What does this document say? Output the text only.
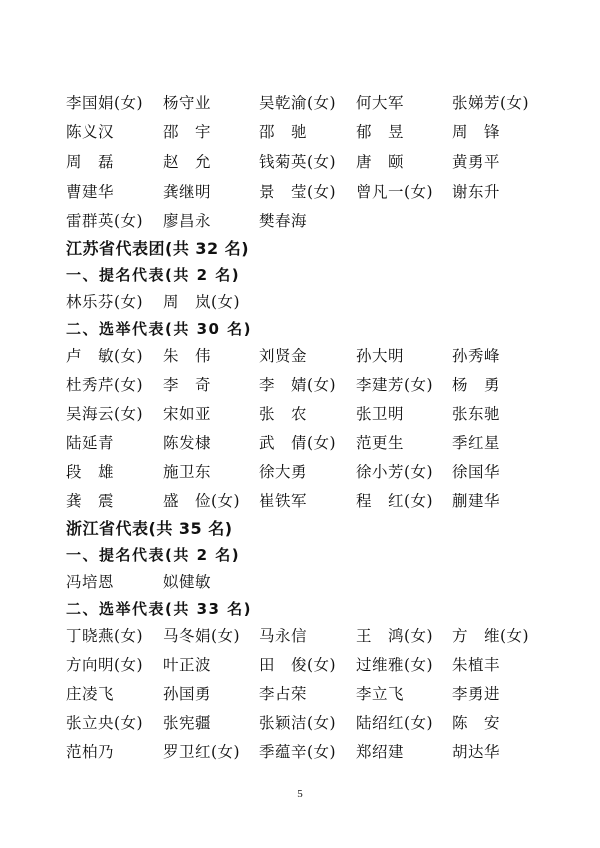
李国娟(女) 杨守业	吴乾渝(女) 何大军	张娣芳(女)
陈义汉	邵　宇	邵　驰	郁　昱	周　锋
周　磊	赵　允	钱菊英(女) 唐　颐	黄勇平
曹建华	龚继明	景　莹(女) 曾凡一(女) 谢东升
雷群英(女) 廖昌永	樊春海
江苏省代表团(共 32 名)
一、提名代表(共 2 名)
林乐芬(女) 周　岚(女)
二、选举代表(共 30 名)
卢　敏(女) 朱　伟	刘贤金	孙大明	孙秀峰
杜秀芹(女) 李　奇	李　婧(女) 李建芳(女) 杨　勇
吴海云(女) 宋如亚	张　农	张卫明	张东驰
陆延青	陈发棣	武　倩(女) 范更生	季红星
段　雄	施卫东	徐大勇	徐小芳(女) 徐国华
龚　震	盛　俭(女) 崔铁军	程　红(女) 蒯建华
浙江省代表(共 35 名)
一、提名代表(共 2 名)
冯培恩	姒健敏
二、选举代表(共 33 名)
丁晓燕(女) 马冬娟(女) 马永信	王　鸿(女) 方　维(女)
方向明(女) 叶正波	田　俊(女) 过维雅(女) 朱植丰
庄凌飞	孙国勇	李占荣	李立飞	李勇进
张立央(女) 张宪疆	张颖洁(女) 陆绍红(女) 陈　安
范柏乃	罗卫红(女) 季蕴辛(女) 郑绍建	胡达华
5
